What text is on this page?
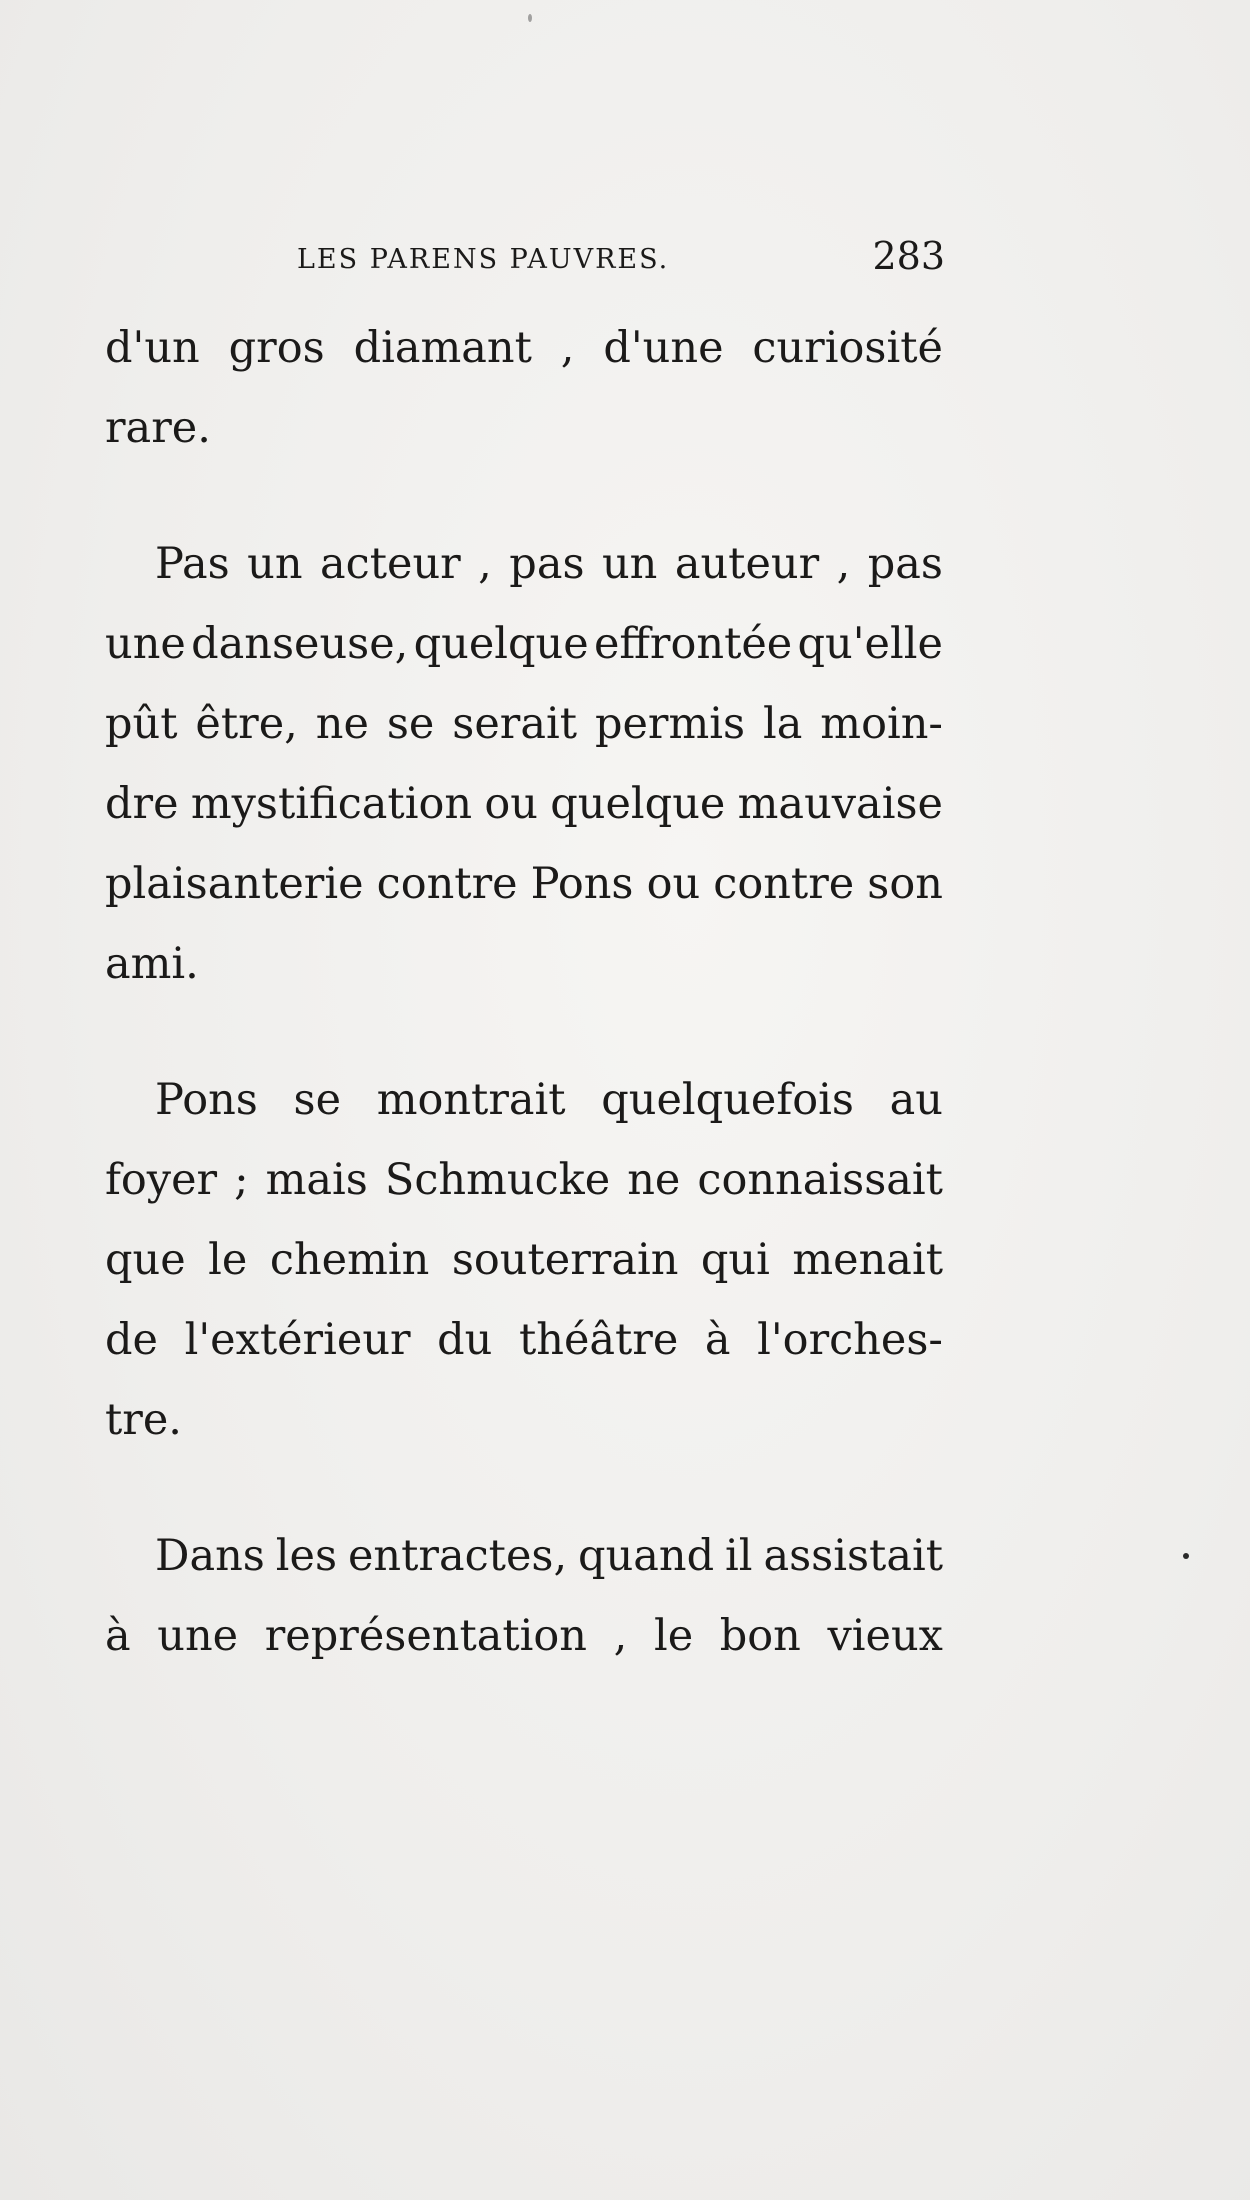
LES PARENS PAUVRES.	283
d'un gros diamant , d'une curiosité
rare.
Pas un acteur , pas un auteur , pas
une danseuse, quelque effrontée qu'elle
pût être, ne se serait permis la moin-
dre mystification ou quelque mauvaise
plaisanterie contre Pons ou contre son
ami.
Pons se montrait quelquefois au
foyer ; mais Schmucke ne connaissait
que le chemin souterrain qui menait
de l'extérieur du théâtre à l'orches-
tre.
Dans les entractes, quand il assistait
à une représentation , le bon vieux
